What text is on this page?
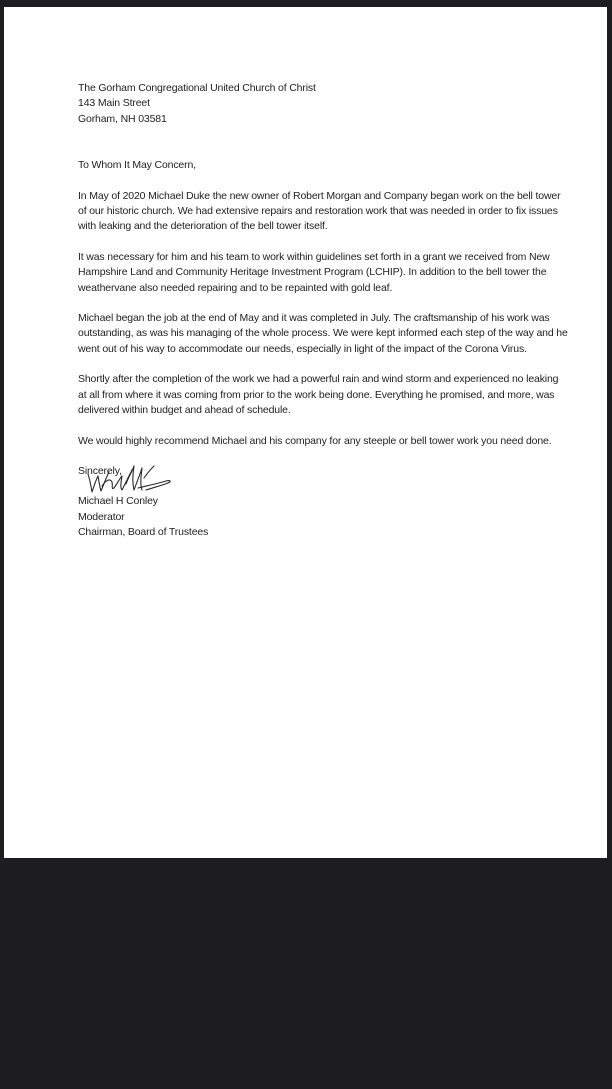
The Gorham Congregational United Church of Christ
143 Main Street
Gorham, NH 03581
To Whom It May Concern,
In May of 2020 Michael Duke the new owner of Robert Morgan and Company began work on the bell tower of our historic church. We had extensive repairs and restoration work that was needed in order to fix issues with leaking and the deterioration of the bell tower itself.
It was necessary for him and his team to work within guidelines set forth in a grant we received from New Hampshire Land and Community Heritage Investment Program (LCHIP). In addition to the bell tower the weathervane also needed repairing and to be repainted with gold leaf.
Michael began the job at the end of May and it was completed in July. The craftsmanship of his work was outstanding, as was his managing of the whole process. We were kept informed each step of the way and he went out of his way to accommodate our needs, especially in light of the impact of the Corona Virus.
Shortly after the completion of the work we had a powerful rain and wind storm and experienced no leaking at all from where it was coming from prior to the work being done. Everything he promised, and more, was delivered within budget and ahead of schedule.
We would highly recommend Michael and his company for any steeple or bell tower work you need done.
Sincerely,
Michael H Conley
Moderator
Chairman, Board of Trustees
